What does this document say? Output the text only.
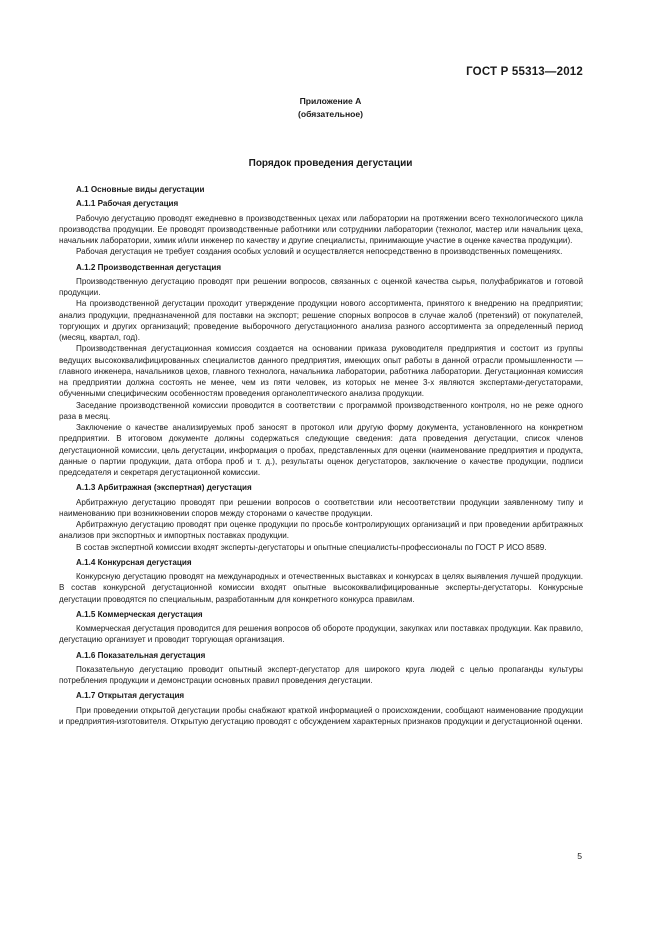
ГОСТ Р 55313—2012
Приложение А
(обязательное)
Порядок проведения дегустации
А.1 Основные виды дегустации
А.1.1 Рабочая дегустация

Рабочую дегустацию проводят ежедневно в производственных цехах или лаборатории на протяжении всего технологического цикла производства продукции. Ее проводят производственные работники или сотрудники лаборатории (технолог, мастер или начальник цеха, начальник лаборатории, химик и/или инженер по качеству и другие специалисты, принимающие участие в оценке качества продукции).

Рабочая дегустация не требует создания особых условий и осуществляется непосредственно в производственных помещениях.

А.1.2 Производственная дегустация

Производственную дегустацию проводят при решении вопросов, связанных с оценкой качества сырья, полуфабрикатов и готовой продукции.

На производственной дегустации проходит утверждение продукции нового ассортимента, принятого к внедрению на предприятии; анализ продукции, предназначенной для поставки на экспорт; решение спорных вопросов в случае жалоб (претензий) от покупателей, торгующих и других организаций; проведение выборочного дегустационного анализа разного ассортимента за определенный период (месяц, квартал, год).

Производственная дегустационная комиссия создается на основании приказа руководителя предприятия и состоит из группы ведущих высококвалифицированных специалистов данного предприятия, имеющих опыт работы в данной отрасли промышленности — главного инженера, начальников цехов, главного технолога, начальника лаборатории, работника лаборатории. Дегустационная комиссия на предприятии должна состоять не менее, чем из пяти человек, из которых не менее 3-х являются экспертами-дегустаторами, обученными специфическим особенностям проведения органолептического анализа продукции.

Заседание производственной комиссии проводится в соответствии с программой производственного контроля, но не реже одного раза в месяц.

Заключение о качестве анализируемых проб заносят в протокол или другую форму документа, установленного на конкретном предприятии. В итоговом документе должны содержаться следующие сведения: дата проведения дегустации, список членов дегустационной комиссии, цель дегустации, информация о пробах, представленных для оценки (наименование предприятия и продукта, данные о партии продукции, дата отбора проб и т. д.), результаты оценок дегустаторов, заключение о качестве продукции, подписи председателя и секретаря дегустационной комиссии.

А.1.3 Арбитражная (экспертная) дегустация

Арбитражную дегустацию проводят при решении вопросов о соответствии или несоответствии продукции заявленному типу и наименованию при возникновении споров между сторонами о качестве продукции.

Арбитражную дегустацию проводят при оценке продукции по просьбе контролирующих организаций и при проведении арбитражных анализов при экспортных и импортных поставках продукции.

В состав экспертной комиссии входят эксперты-дегустаторы и опытные специалисты-профессионалы по ГОСТ Р ИСО 8589.

А.1.4 Конкурсная дегустация

Конкурсную дегустацию проводят на международных и отечественных выставках и конкурсах в целях выявления лучшей продукции. В состав конкурсной дегустационной комиссии входят опытные высококвалифицированные эксперты-дегустаторы. Конкурсные дегустации проводятся по специальным, разработанным для конкретного конкурса правилам.

А.1.5 Коммерческая дегустация

Коммерческая дегустация проводится для решения вопросов об обороте продукции, закупках или поставках продукции. Как правило, дегустацию организует и проводит торгующая организация.

А.1.6 Показательная дегустация

Показательную дегустацию проводит опытный эксперт-дегустатор для широкого круга людей с целью пропаганды культуры потребления продукции и демонстрации основных правил проведения дегустации.

А.1.7 Открытая дегустация

При проведении открытой дегустации пробы снабжают краткой информацией о происхождении, сообщают наименование продукции и предприятия-изготовителя. Открытую дегустацию проводят с обсуждением характерных признаков продукции и дегустационной оценки.

5
